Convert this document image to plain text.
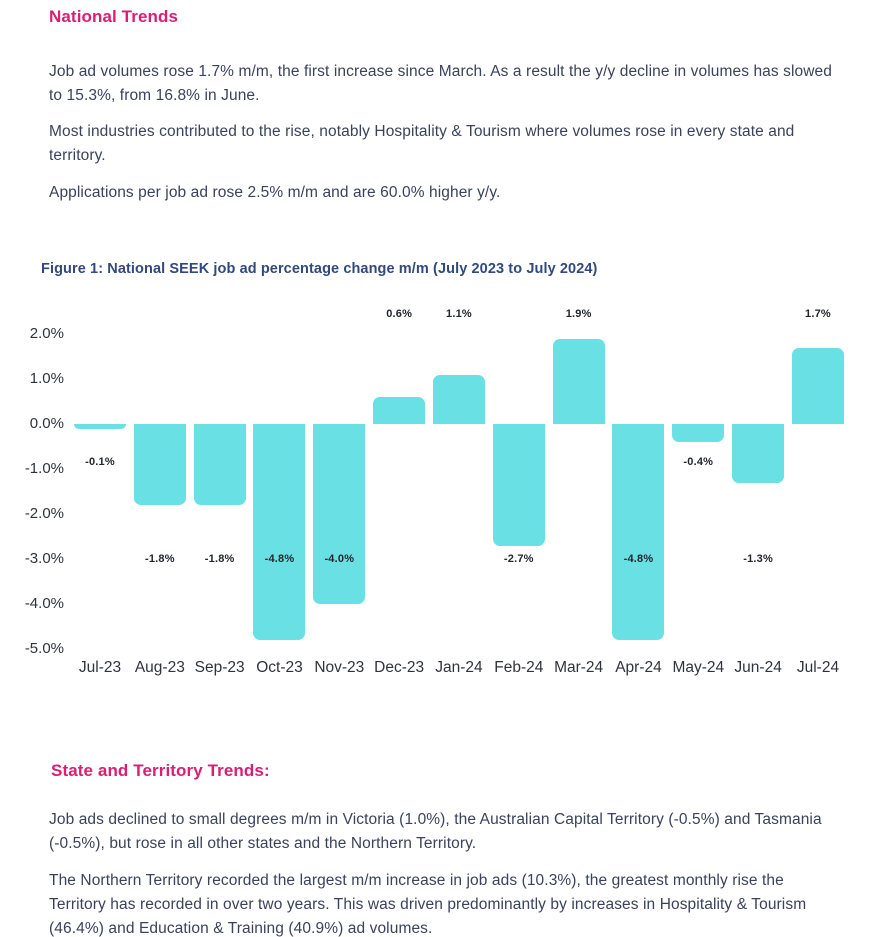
National Trends
Job ad volumes rose 1.7% m/m, the first increase since March. As a result the y/y decline in volumes has slowed to 15.3%, from 16.8% in June.
Most industries contributed to the rise, notably Hospitality & Tourism where volumes rose in every state and territory.
Applications per job ad rose 2.5% m/m and are 60.0% higher y/y.
Figure 1: National SEEK job ad percentage change m/m (July 2023 to July 2024)
2.0%
1.0%
0.0%
-1.0%
-2.0%
-3.0%
-4.0%
-5.0%
-0.1%
Jul-23
-1.8%
Aug-23
-1.8%
Sep-23
-4.8%
Oct-23
-4.0%
Nov-23
0.6%
Dec-23
1.1%
Jan-24
-2.7%
Feb-24
1.9%
Mar-24
-4.8%
Apr-24
-0.4%
May-24
-1.3%
Jun-24
1.7%
Jul-24
State and Territory Trends:
Job ads declined to small degrees m/m in Victoria (1.0%), the Australian Capital Territory (-0.5%) and Tasmania (-0.5%), but rose in all other states and the Northern Territory.
The Northern Territory recorded the largest m/m increase in job ads (10.3%), the greatest monthly rise the Territory has recorded in over two years. This was driven predominantly by increases in Hospitality & Tourism (46.4%) and Education & Training (40.9%) ad volumes.
